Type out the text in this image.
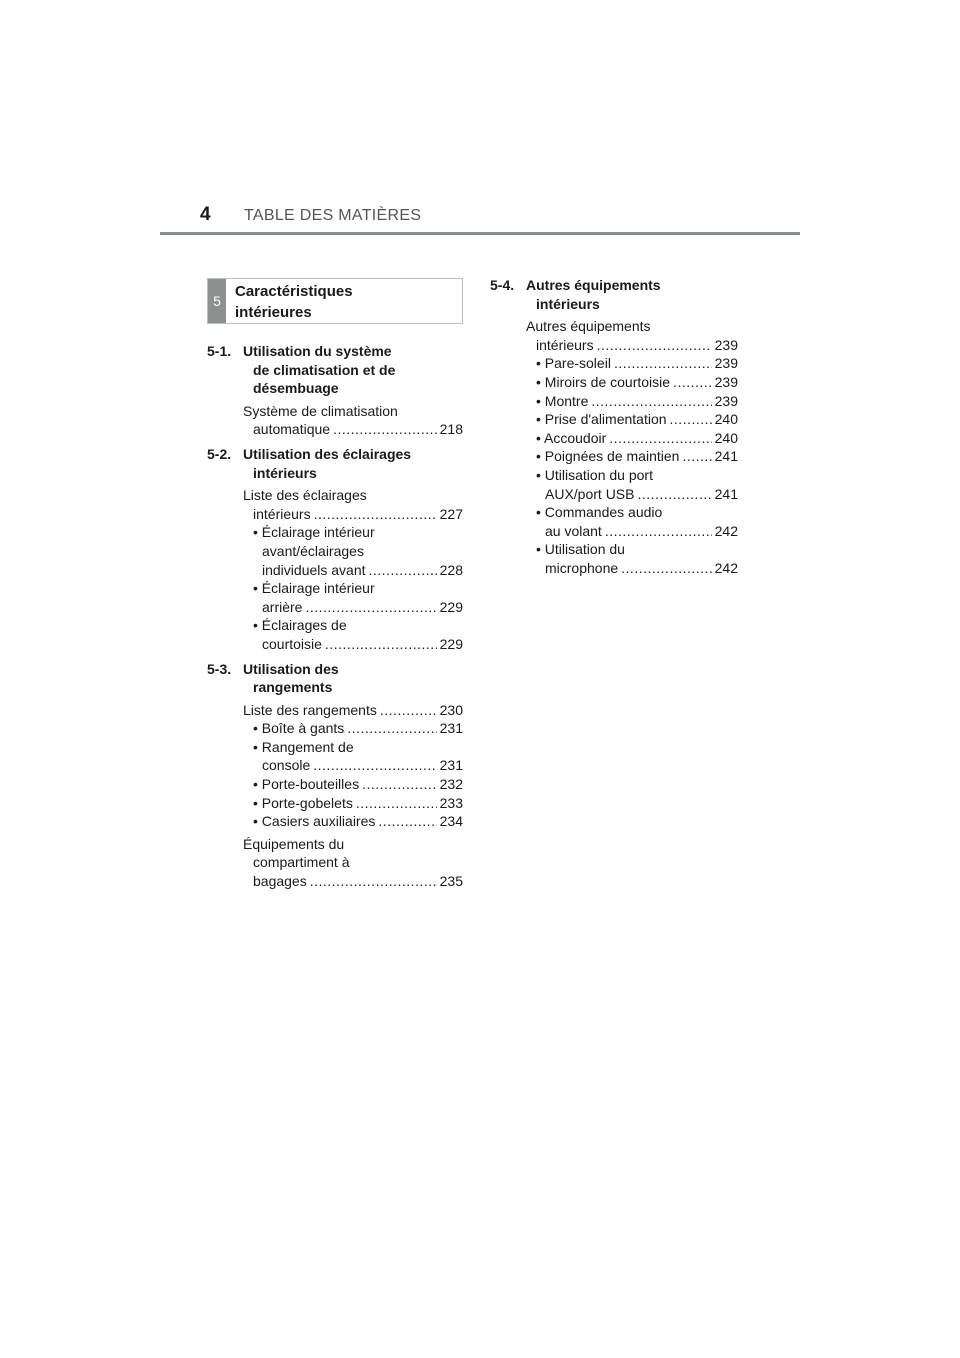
4 TABLE DES MATIÈRES
5
Caractéristiques
intérieures
5-1. Utilisation du système
de climatisation et de
désembuage
Système de climatisation
automatique .....	218
5-2. Utilisation des éclairages
intérieurs
Liste des éclairages
intérieurs .....	227
• Éclairage intérieur
avant/éclairages
individuels avant .....	228
• Éclairage intérieur
arrière .....	229
• Éclairages de
courtoisie .....	229
5-3. Utilisation des
rangements
Liste des rangements .....	230
• Boîte à gants .....	231
• Rangement de
console .....	231
• Porte-bouteilles .....	232
• Porte-gobelets .....	233
• Casiers auxiliaires .....	234
Équipements du
compartiment à
bagages .....	235
5-4. Autres équipements
intérieurs
Autres équipements
intérieurs .....	239
• Pare-soleil .....	239
• Miroirs de courtoisie .....	239
• Montre .....	239
• Prise d'alimentation .....	240
• Accoudoir .....	240
• Poignées de maintien .....	241
• Utilisation du port
AUX/port USB .....	241
• Commandes audio
au volant .....	242
• Utilisation du
microphone .....	242
